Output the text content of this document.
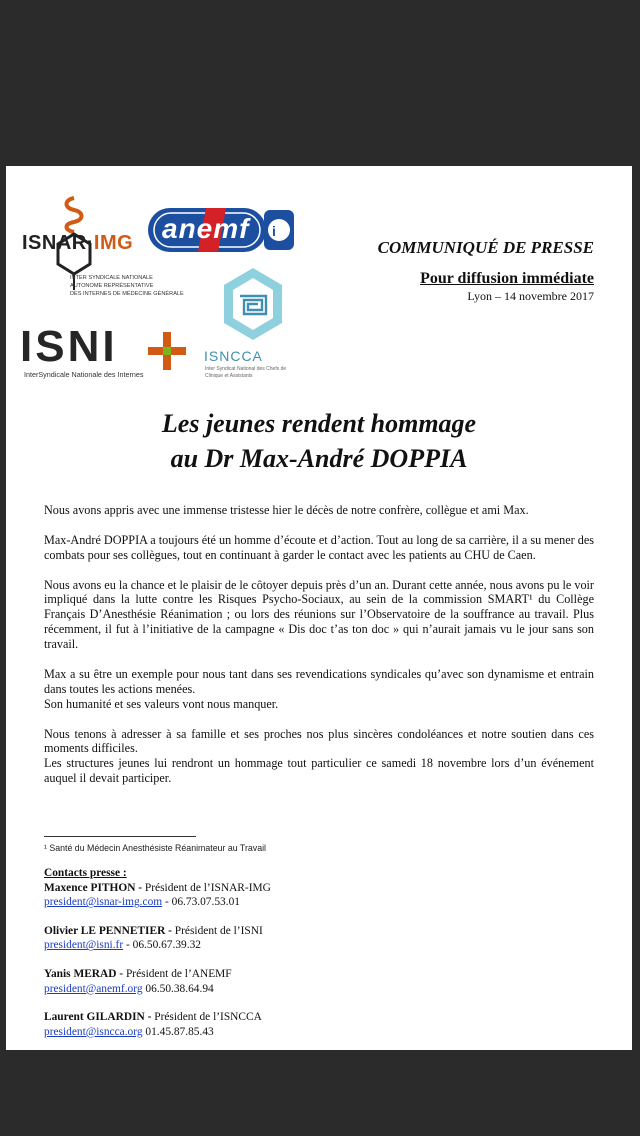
ISNAR·IMG
INTER SYNDICALE NATIONALE
AUTONOME REPRÉSENTATIVE
DES INTERNES DE MÉDECINE GÉNÉRALE
i
anemf
ISNI
InterSyndicale Nationale des Internes
ISNCCA
Inter Syndicat National des Chefs de Clinique et Assistants
COMMUNIQUÉ DE PRESSE
Pour diffusion immédiate
Lyon – 14 novembre 2017
Les jeunes rendent hommage
au Dr Max-André DOPPIA

Nous avons appris avec une immense tristesse hier le décès de notre confrère, collègue et ami Max.

Max-André DOPPIA a toujours été un homme d’écoute et d’action. Tout au long de sa carrière, il a su mener des combats pour ses collègues, tout en continuant à garder le contact avec les patients au CHU de Caen.

Nous avons eu la chance et le plaisir de le côtoyer depuis près d’un an. Durant cette année, nous avons pu le voir impliqué dans la lutte contre les Risques Psycho-Sociaux, au sein de la commission SMART¹ du Collège Français D’Anesthésie Réanimation ; ou lors des réunions sur l’Observatoire de la souffrance au travail. Plus récemment, il fut à l’initiative de la campagne « Dis doc t’as ton doc » qui n’aurait jamais vu le jour sans son travail.

Max a su être un exemple pour nous tant dans ses revendications syndicales qu’avec son dynamisme et entrain dans toutes les actions menées.

Son humanité et ses valeurs vont nous manquer.

Nous tenons à adresser à sa famille et ses proches nos plus sincères condoléances et notre soutien dans ces moments difficiles.

Les structures jeunes lui rendront un hommage tout particulier ce samedi 18 novembre lors d’un événement auquel il devait participer.

¹ Santé du Médecin Anesthésiste Réanimateur au Travail
Contacts presse :
Maxence PITHON - Président de l’ISNAR-IMG
president@isnar-img.com - 06.73.07.53.01
Olivier LE PENNETIER - Président de l’ISNI
president@isni.fr - 06.50.67.39.32
Yanis MERAD - Président de l’ANEMF
president@anemf.org 06.50.38.64.94
Laurent GILARDIN - Président de l’ISNCCA
president@isncca.org 01.45.87.85.43
